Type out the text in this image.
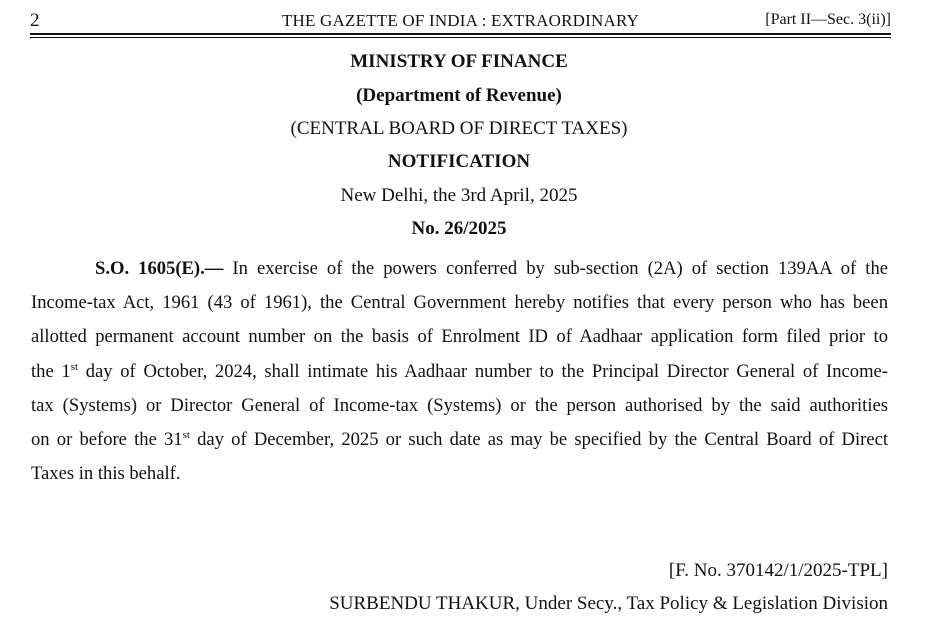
2	THE GAZETTE OF INDIA : EXTRAORDINARY	[Part II—Sec. 3(ii)]
MINISTRY OF FINANCE
(Department of Revenue)
(CENTRAL BOARD OF DIRECT TAXES)
NOTIFICATION
New Delhi, the 3rd April, 2025
No. 26/2025
S.O. 1605(E).— In exercise of the powers conferred by sub-section (2A) of section 139AA of the
Income-tax Act, 1961 (43 of 1961), the Central Government hereby notifies that every person who has been
allotted permanent account number on the basis of Enrolment ID of Aadhaar application form filed prior to
the 1st day of October, 2024, shall intimate his Aadhaar number to the Principal Director General of Income-
tax (Systems) or Director General of Income-tax (Systems) or the person authorised by the said authorities
on or before the 31st day of December, 2025 or such date as may be specified by the Central Board of Direct
Taxes in this behalf.
[F. No. 370142/1/2025-TPL]
SURBENDU THAKUR, Under Secy., Tax Policy & Legislation Division
